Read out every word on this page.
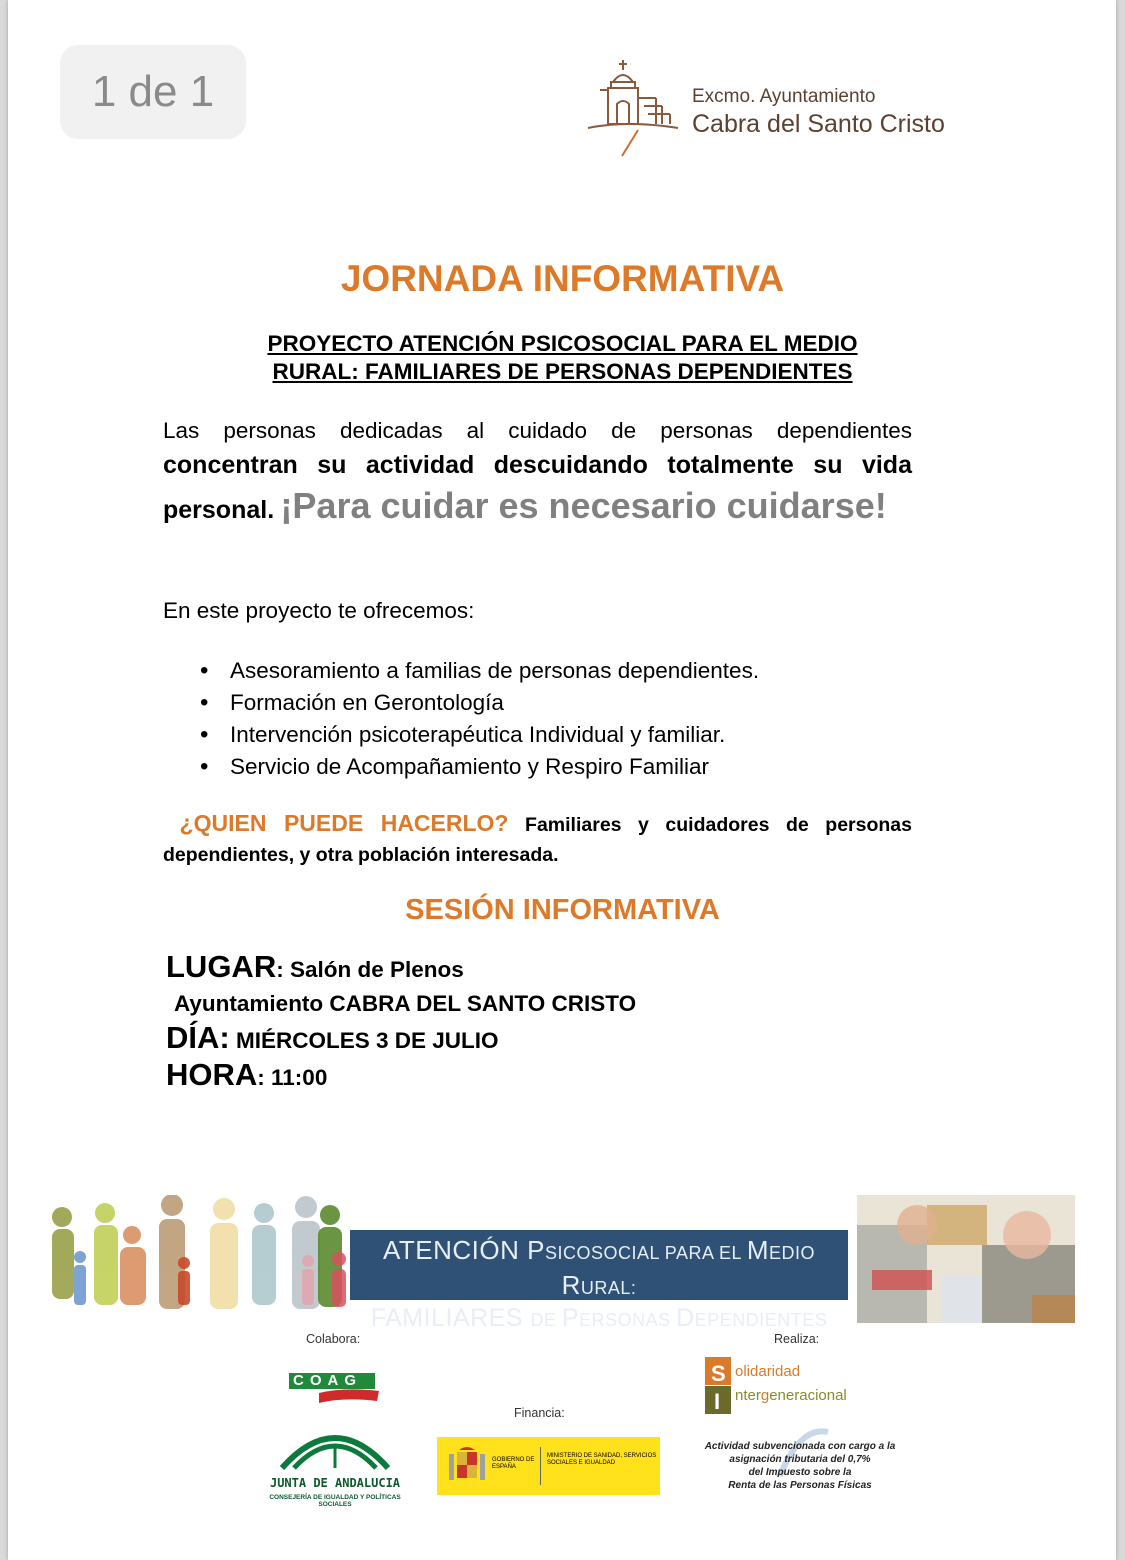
1 de 1	Excmo. Ayuntamiento
Cabra del Santo Cristo
JORNADA INFORMATIVA
PROYECTO ATENCIÓN PSICOSOCIAL PARA EL MEDIO
RURAL: FAMILIARES DE PERSONAS DEPENDIENTES
Las personas dedicadas al cuidado de personas dependientes concentran su actividad descuidando totalmente su vida personal. ¡Para cuidar es necesario cuidarse!
En este proyecto te ofrecemos:
• Asesoramiento a familias de personas dependientes.
• Formación en Gerontología
• Intervención psicoterapéutica Individual y familiar.
• Servicio de Acompañamiento y Respiro Familiar
¿QUIEN PUEDE HACERLO? Familiares y cuidadores de personas dependientes, y otra población interesada.
SESIÓN INFORMATIVA
LUGAR: Salón de Plenos
Ayuntamiento CABRA DEL SANTO CRISTO
DÍA: MIÉRCOLES 3 DE JULIO
HORA: 11:00
ATENCIÓN PSICOSOCIAL PARA EL MEDIO RURAL:
FAMILIARES DE PERSONAS DEPENDIENTES
Colabora:	Realiza:
Financia:
COAG
JUNTA DE ANDALUCIA
CONSEJERÍA DE IGUALDAD Y POLÍTICAS SOCIALES
GOBIERNO DE ESPAÑA
MINISTERIO DE SANIDAD, SERVICIOS SOCIALES E IGUALDAD
S
I
olidaridad
ntergeneracional
Actividad subvencionada con cargo a la
asignación tributaria del 0,7%
del Impuesto sobre la
Renta de las Personas Físicas
